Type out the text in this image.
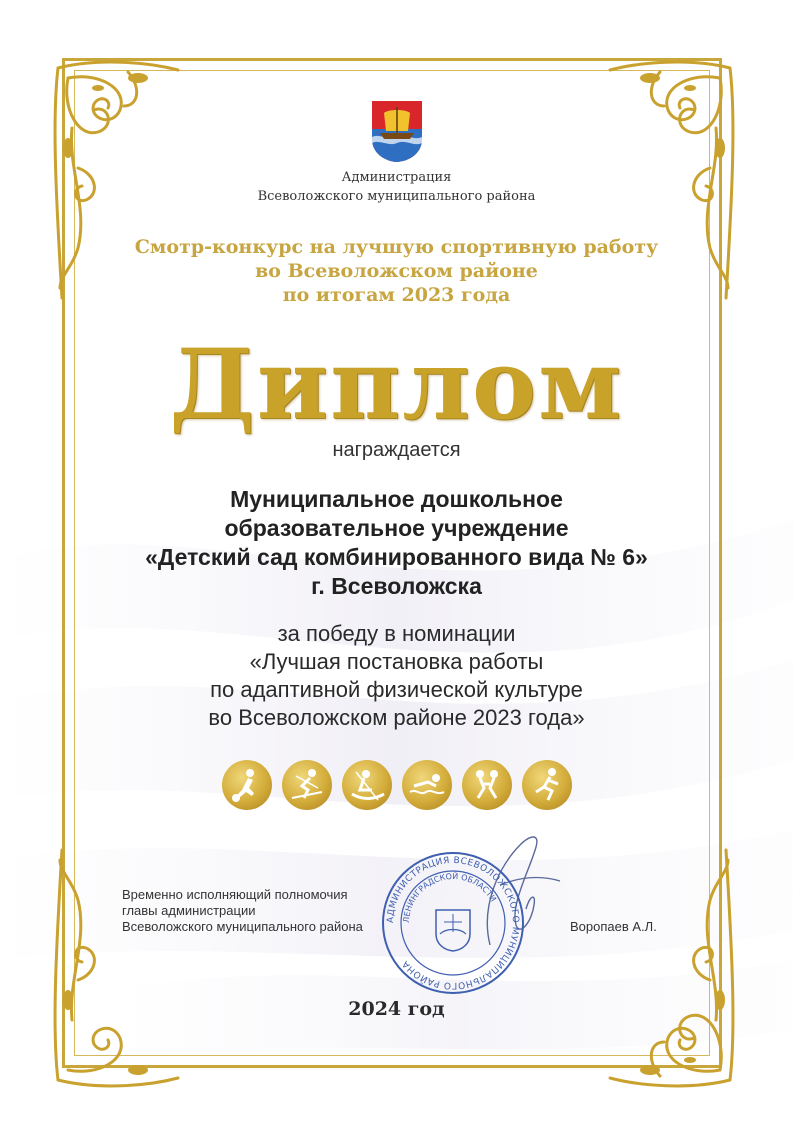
Администрация
Всеволожского муниципального района
Смотр-конкурс на лучшую спортивную работу
во Всеволожском районе
по итогам 2023 года
Диплом
награждается
Муниципальное дошкольное
образовательное учреждение
«Детский сад комбинированного вида № 6»
г. Всеволожска
за победу в номинации
«Лучшая постановка работы
по адаптивной физической культуре
во Всеволожском районе 2023 года»
Временно исполняющий полномочия
главы администрации
Всеволожского муниципального района	Воропаев А.Л.
АДМИНИСТРАЦИЯ ВСЕВОЛОЖСКОГО МУНИЦИПАЛЬНОГО РАЙОНА
ЛЕНИНГРАДСКОЙ ОБЛАСТИ
2024 год
